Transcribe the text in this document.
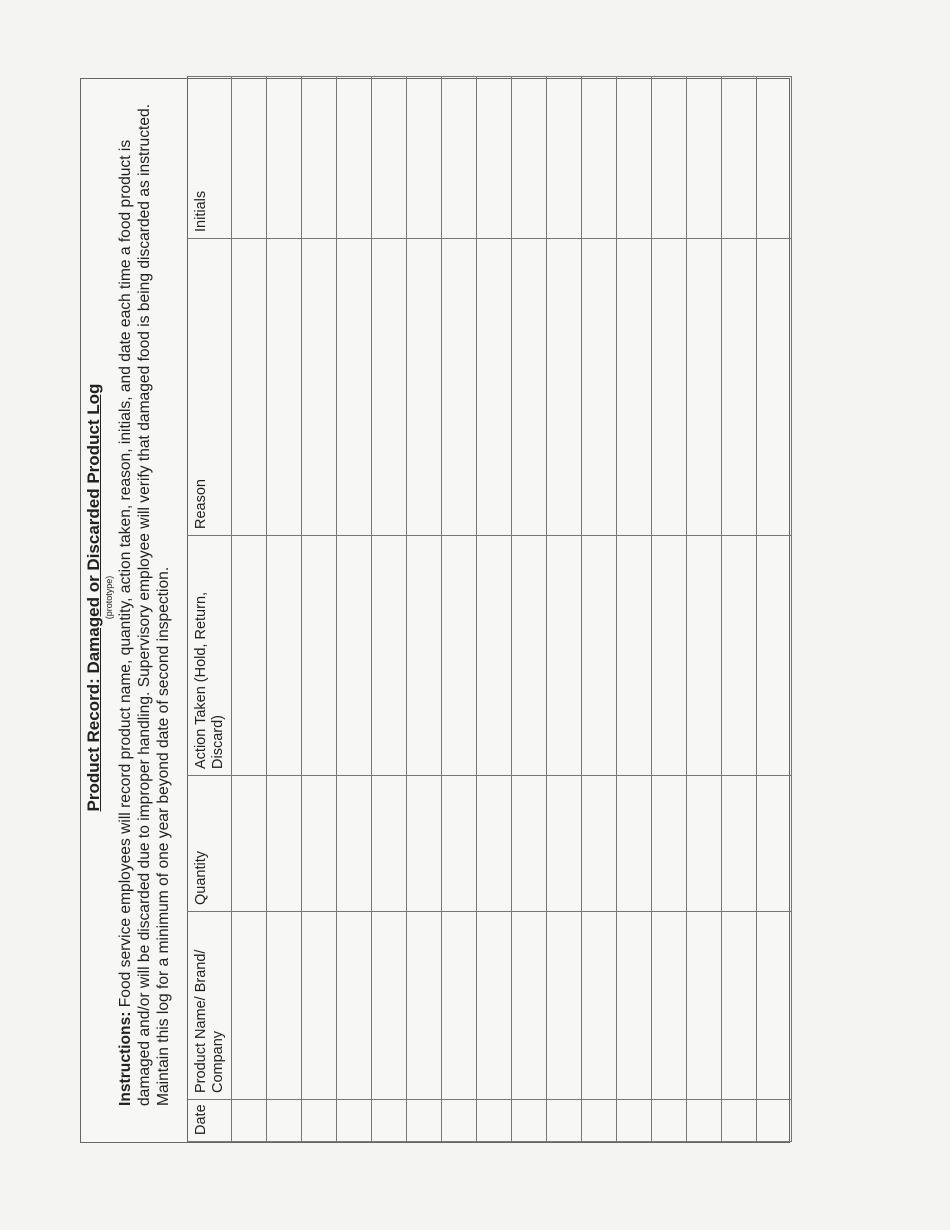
Product Record: Damaged or Discarded Product Log (prototype)

Instructions: Food service employees will record product name, quantity, action taken, reason, initials, and date each time a food product is damaged and/or will be discarded due to improper handling. Supervisory employee will verify that damaged food is being discarded as instructed. Maintain this log for a minimum of one year beyond date of second inspection.

Date	Product Name/ Brand/ Company	Quantity	Action Taken (Hold, Return, Discard)	Reason	Initials
